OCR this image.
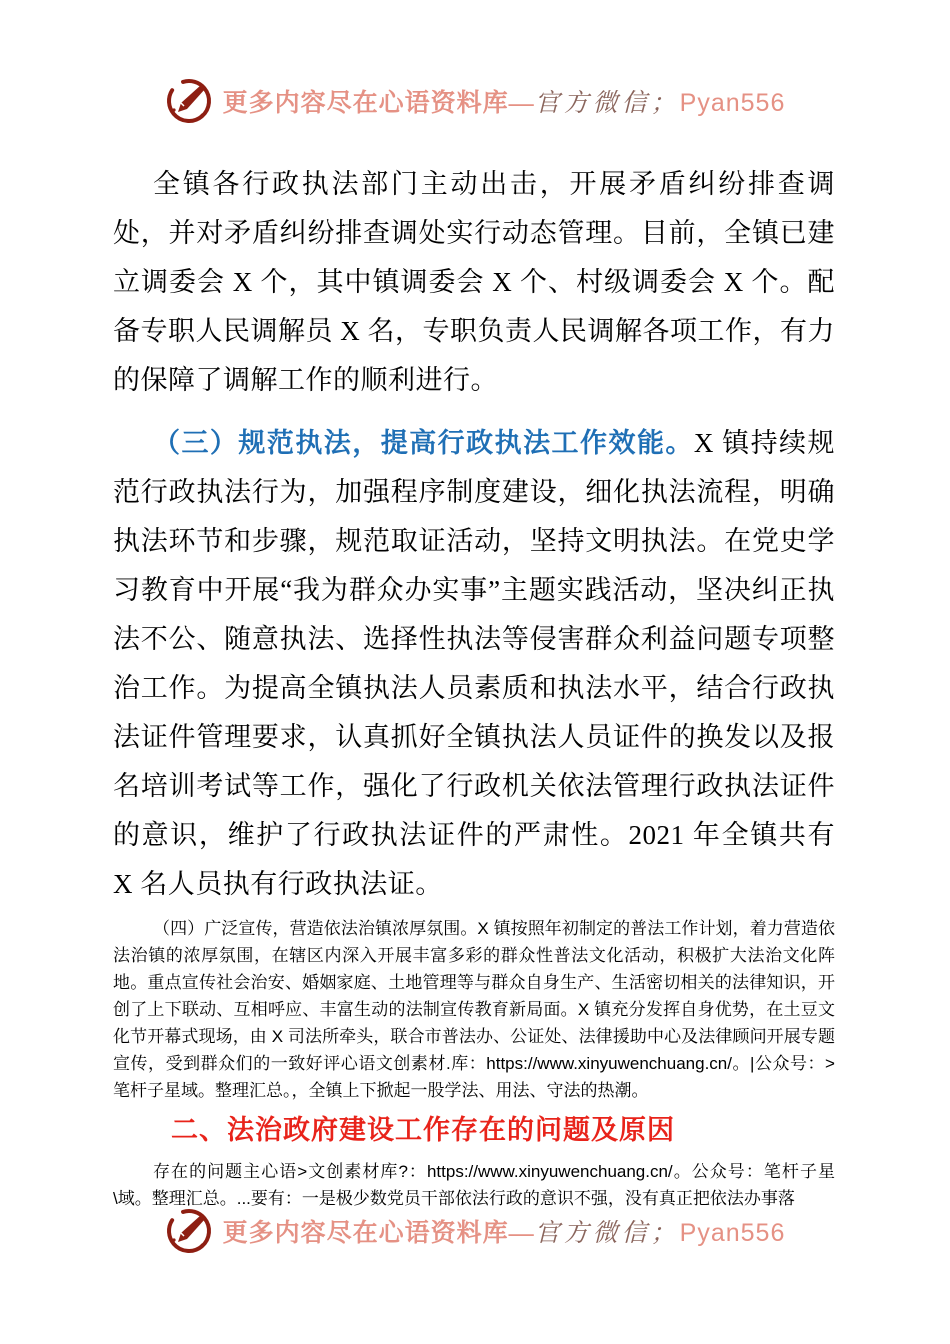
更多内容尽在心语资料库—官方微信；Pyan556

全镇各行政执法部门主动出击，开展矛盾纠纷排查调处，并对矛盾纠纷排查调处实行动态管理。目前，全镇已建立调委会 X 个，其中镇调委会 X 个、村级调委会 X 个。配备专职人民调解员 X 名，专职负责人民调解各项工作，有力的保障了调解工作的顺利进行。

（三）规范执法，提高行政执法工作效能。X 镇持续规范行政执法行为，加强程序制度建设，细化执法流程，明确执法环节和步骤，规范取证活动，坚持文明执法。在党史学习教育中开展“我为群众办实事”主题实践活动，坚决纠正执法不公、随意执法、选择性执法等侵害群众利益问题专项整治工作。为提高全镇执法人员素质和执法水平，结合行政执法证件管理要求，认真抓好全镇执法人员证件的换发以及报名培训考试等工作，强化了行政机关依法管理行政执法证件的意识，维护了行政执法证件的严肃性。2021 年全镇共有 X 名人员执有行政执法证。

（四）广泛宣传，营造依法治镇浓厚氛围。X 镇按照年初制定的普法工作计划，着力营造依法治镇的浓厚氛围，在辖区内深入开展丰富多彩的群众性普法文化活动，积极扩大法治文化阵地。重点宣传社会治安、婚姻家庭、土地管理等与群众自身生产、生活密切相关的法律知识，开创了上下联动、互相呼应、丰富生动的法制宣传教育新局面。X 镇充分发挥自身优势，在土豆文化节开幕式现场，由 X 司法所牵头，联合市普法办、公证处、法律援助中心及法律顾问开展专题宣传，受到群众们的一致好评心语文创素材.库：https://www.xinyuwenchuang.cn/。|公众号：>笔杆子星域。整理汇总。，全镇上下掀起一股学法、用法、守法的热潮。

二、法治政府建设工作存在的问题及原因

存在的问题主心语>文创素材库?：https://www.xinyuwenchuang.cn/。公众号：笔杆子星\域。整理汇总。...要有：一是极少数党员干部依法行政的意识不强，没有真正把依法办事落

更多内容尽在心语资料库—官方微信；Pyan556
